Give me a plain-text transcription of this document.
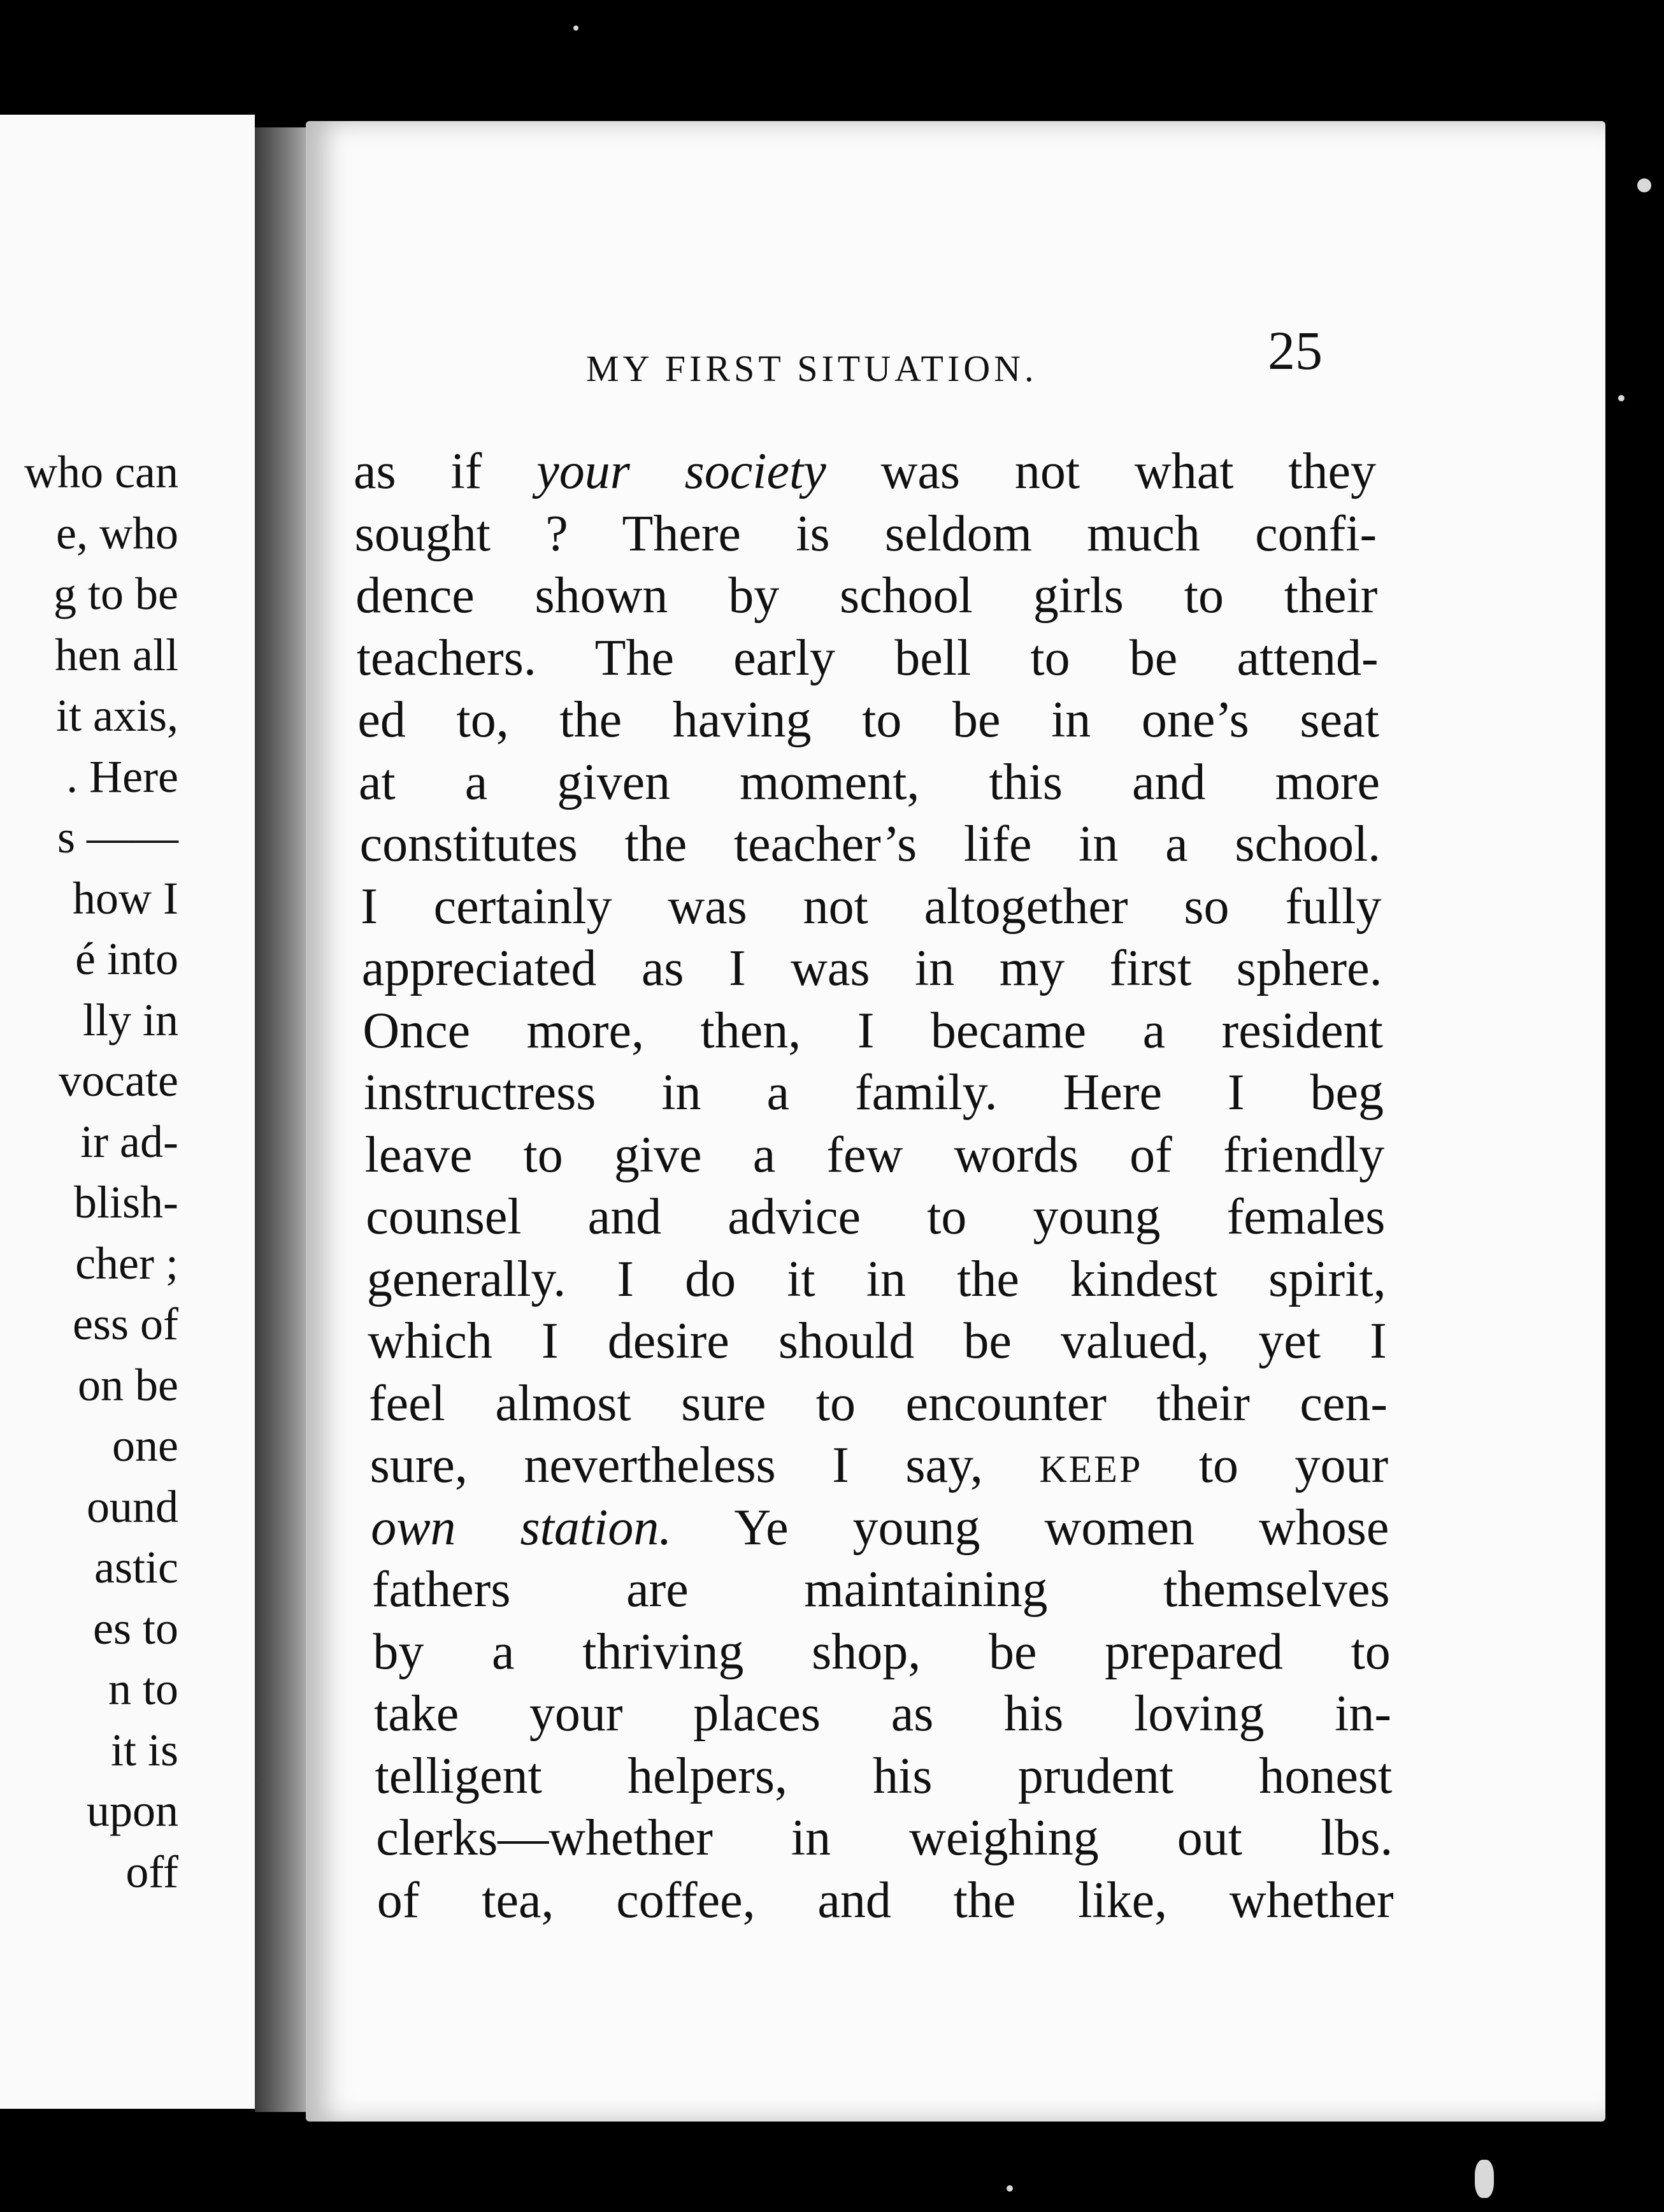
who can
e, who
g to be
hen all
it axis,
. Here
s ——
how I
é into
lly in
vocate
ir ad-
blish-
cher ;
ess of
on be
one
ound
astic
es to
n to
it is
upon
off
MY FIRST SITUATION.	25
as if your society was not what they
sought ? There is seldom much confi-
dence shown by school girls to their
teachers. The early bell to be attend-
ed to, the having to be in one’s seat
at a given moment, this and more
constitutes the teacher’s life in a school.
I certainly was not altogether so fully
appreciated as I was in my first sphere.
Once more, then, I became a resident
instructress in a family. Here I beg
leave to give a few words of friendly
counsel and advice to young females
generally. I do it in the kindest spirit,
which I desire should be valued, yet I
feel almost sure to encounter their cen-
sure, nevertheless I say, KEEP to your
own station. Ye young women whose
fathers are maintaining themselves
by a thriving shop, be prepared to
take your places as his loving in-
telligent helpers, his prudent honest
clerks—whether in weighing out lbs.
of tea, coffee, and the like, whether
